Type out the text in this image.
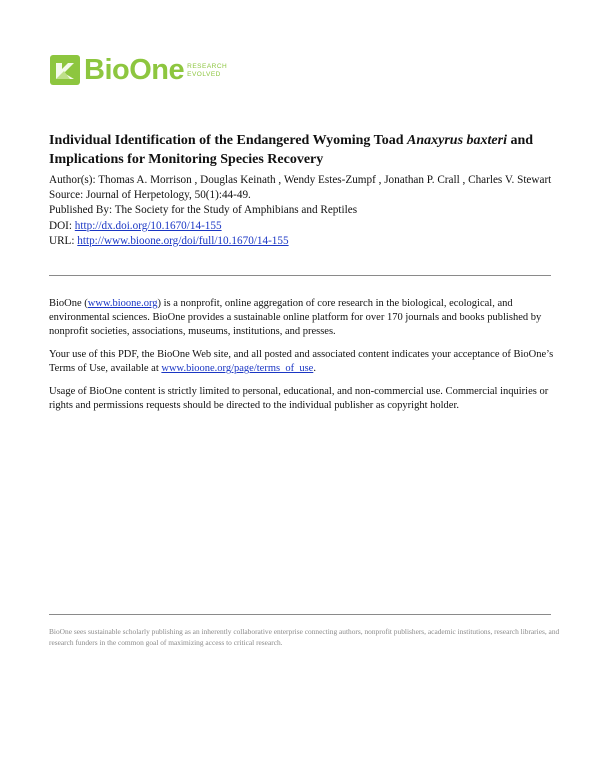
BioOne RESEARCH
EVOLVED
Individual Identification of the Endangered Wyoming Toad Anaxyrus baxteri and Implications for Monitoring Species Recovery
Author(s): Thomas A. Morrison , Douglas Keinath , Wendy Estes-Zumpf , Jonathan P. Crall , Charles V. Stewart
Source: Journal of Herpetology, 50(1):44-49.
Published By: The Society for the Study of Amphibians and Reptiles
DOI: http://dx.doi.org/10.1670/14-155
URL: http://www.bioone.org/doi/full/10.1670/14-155

BioOne (www.bioone.org) is a nonprofit, online aggregation of core research in the biological, ecological, and environmental sciences. BioOne provides a sustainable online platform for over 170 journals and books published by nonprofit societies, associations, museums, institutions, and presses.

Your use of this PDF, the BioOne Web site, and all posted and associated content indicates your acceptance of BioOne’s Terms of Use, available at www.bioone.org/page/terms_of_use.

Usage of BioOne content is strictly limited to personal, educational, and non-commercial use. Commercial inquiries or rights and permissions requests should be directed to the individual publisher as copyright holder.

BioOne sees sustainable scholarly publishing as an inherently collaborative enterprise connecting authors, nonprofit publishers, academic institutions, research libraries, and research funders in the common goal of maximizing access to critical research.
